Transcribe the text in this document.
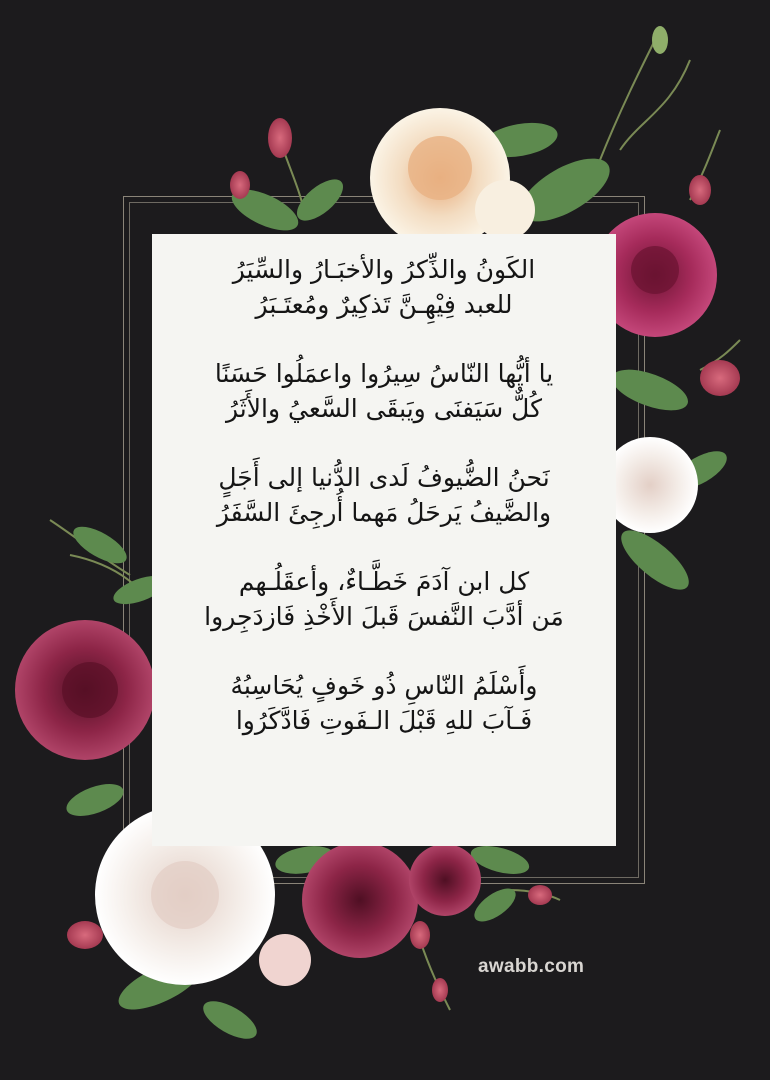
الكَونُ والذِّكرُ والأخبَـارُ والسِّيَرُ
للعبد فِيْهِـنَّ تَذكِيرٌ ومُعتَـبَرُ
يا أيُّها النّاسُ سِيرُوا واعمَلُوا حَسَنًا
كُلٌّ سَيَفنَى ويَبقَى السَّعيُ والأَثَرُ
نَحنُ الضُّيوفُ لَدى الدُّنيا إلى أَجَلٍ
والضَّيفُ يَرحَلُ مَهما أُرجِئَ السَّفَرُ
كل ابن آدَمَ خَطَّـاءٌ، وأعقَلُـهم
مَن أدَّبَ النَّفسَ قَبلَ الأَخْذِ فَازدَجِروا
وأَسْلَمُ النّاسِ ذُو خَوفٍ يُحَاسِبُهُ
فَـآبَ للهِ قَبْلَ الـفَوتِ فَادَّكَرُوا
awabb.com
